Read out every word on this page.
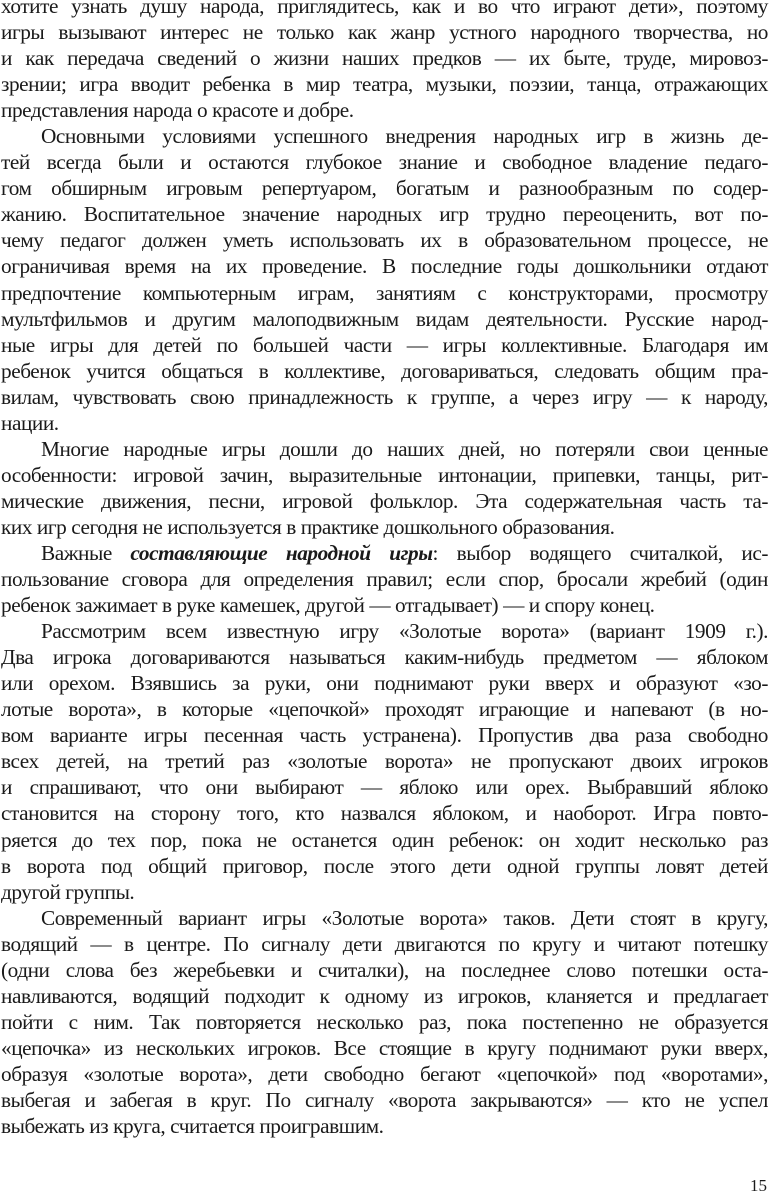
хотите узнать душу народа, приглядитесь, как и во что играют дети», поэтому
игры вызывают интерес не только как жанр устного народного творчества, но
и как передача сведений о жизни наших предков — их быте, труде, мировоз-
зрении; игра вводит ребенка в мир театра, музыки, поэзии, танца, отражающих
представления народа о красоте и добре.
Основными условиями успешного внедрения народных игр в жизнь де-
тей всегда были и остаются глубокое знание и свободное владение педаго-
гом обширным игровым репертуаром, богатым и разнообразным по содер-
жанию. Воспитательное значение народных игр трудно переоценить, вот по-
чему педагог должен уметь использовать их в образовательном процессе, не
ограничивая время на их проведение. В последние годы дошкольники отдают
предпочтение компьютерным играм, занятиям с конструкторами, просмотру
мультфильмов и другим малоподвижным видам деятельности. Русские народ-
ные игры для детей по большей части — игры коллективные. Благодаря им
ребенок учится общаться в коллективе, договариваться, следовать общим пра-
вилам, чувствовать свою принадлежность к группе, а через игру — к народу,
нации.
Многие народные игры дошли до наших дней, но потеряли свои ценные
особенности: игровой зачин, выразительные интонации, припевки, танцы, рит-
мические движения, песни, игровой фольклор. Эта содержательная часть та-
ких игр сегодня не используется в практике дошкольного образования.
Важные составляющие народной игры: выбор водящего считалкой, ис-
пользование сговора для определения правил; если спор, бросали жребий (один
ребенок зажимает в руке камешек, другой — отгадывает) — и спору конец.
Рассмотрим всем известную игру «Золотые ворота» (вариант 1909 г.).
Два игрока договариваются называться каким-нибудь предметом — яблоком
или орехом. Взявшись за руки, они поднимают руки вверх и образуют «зо-
лотые ворота», в которые «цепочкой» проходят играющие и напевают (в но-
вом варианте игры песенная часть устранена). Пропустив два раза свободно
всех детей, на третий раз «золотые ворота» не пропускают двоих игроков
и спрашивают, что они выбирают — яблоко или орех. Выбравший яблоко
становится на сторону того, кто назвался яблоком, и наоборот. Игра повто-
ряется до тех пор, пока не останется один ребенок: он ходит несколько раз
в ворота под общий приговор, после этого дети одной группы ловят детей
другой группы.
Современный вариант игры «Золотые ворота» таков. Дети стоят в кругу,
водящий — в центре. По сигналу дети двигаются по кругу и читают потешку
(одни слова без жеребьевки и считалки), на последнее слово потешки оста-
навливаются, водящий подходит к одному из игроков, кланяется и предлагает
пойти с ним. Так повторяется несколько раз, пока постепенно не образуется
«цепочка» из нескольких игроков. Все стоящие в кругу поднимают руки вверх,
образуя «золотые ворота», дети свободно бегают «цепочкой» под «воротами»,
выбегая и забегая в круг. По сигналу «ворота закрываются» — кто не успел
выбежать из круга, считается проигравшим.
15
